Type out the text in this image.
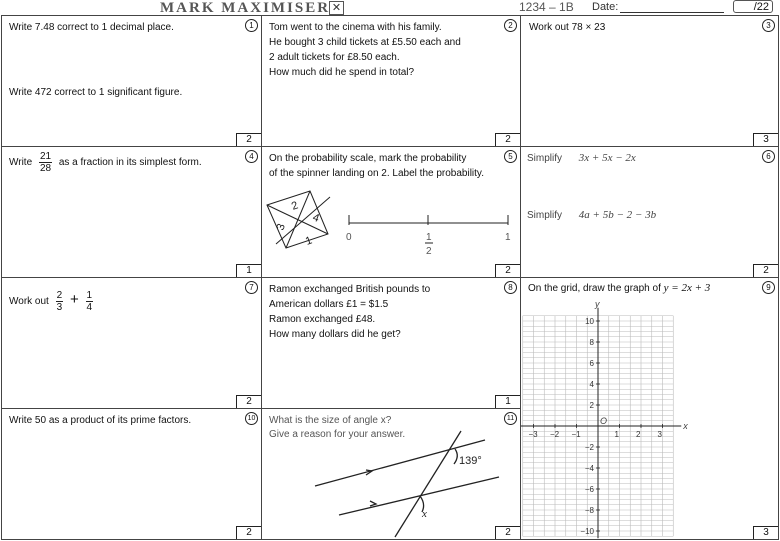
MARK MAXIMISER ✕	1234 – 1B Date:	/22
Write 7.48 correct to 1 decimal place.
Write 472 correct to 1 significant figure.
1
2
Tom went to the cinema with his family.
He bought 3 child tickets at £5.50 each and
2 adult tickets for £8.50 each.
How much did he spend in total?
2
2
Work out 78 × 23	3
3
Write $\frac{21}{28}$ as a fraction in its simplest form.
4
1
On the probability scale, mark the probability
of the spinner landing on 2. Label the probability.
2
4
3
1	0	1
2
1
5
2
Simplify 3x + 5x − 2x
Simplify 4a + 5b − 2 − 3b
6
2
Work out $\frac{2}{3} + \frac{1}{4}$
7
2
Ramon exchanged British pounds to
American dollars £1 = $1.5
Ramon exchanged £48.
How many dollars did he get?
8
1
On the grid, draw the graph of y = 2x + 3
x
y
O
−3 −2 −1	1 2 3
10
8
6
4
2
−2
−4
−6
−8
−10
9
3
Write 50 as a product of its prime factors.	10
2
What is the size of angle x?
Give a reason for your answer.
139°
x
11
2
